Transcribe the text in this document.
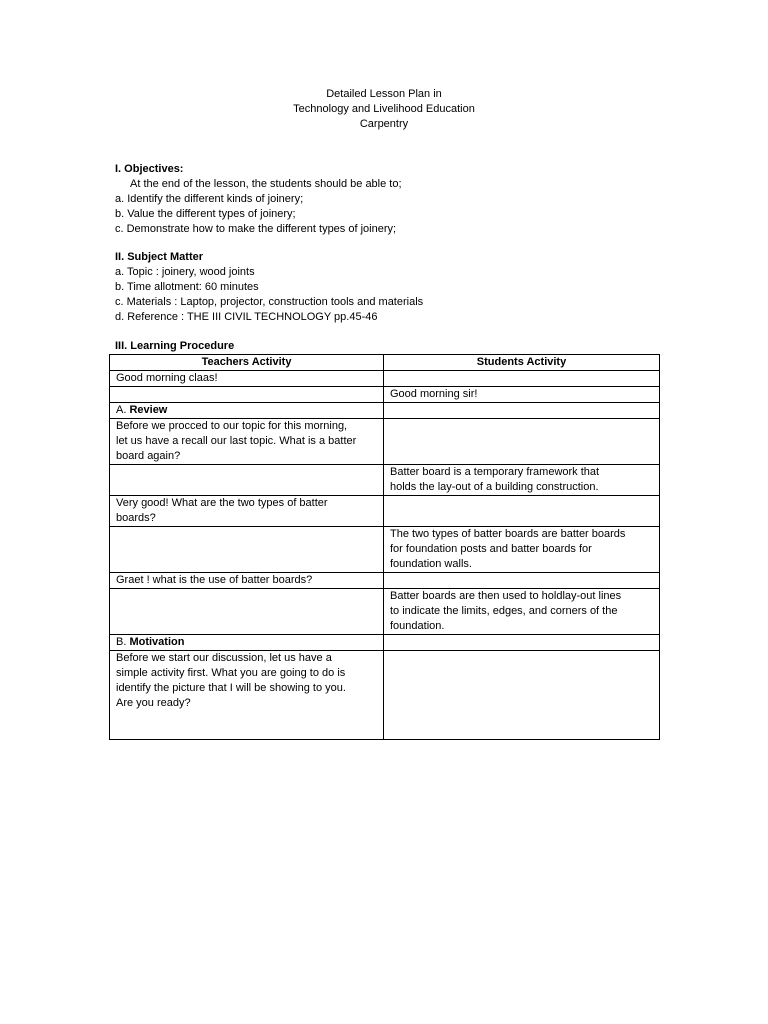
Detailed Lesson Plan in
Technology and Livelihood Education
Carpentry
I. Objectives:
At the end of the lesson, the students should be able to;
a. Identify the different kinds of joinery;
b. Value the different types of joinery;
c. Demonstrate how to make the different types of joinery;
II. Subject Matter
a. Topic : joinery, wood joints
b. Time allotment: 60 minutes
c. Materials : Laptop, projector, construction tools and materials
d. Reference : THE III CIVIL TECHNOLOGY pp.45-46
III. Learning Procedure
Teachers Activity	Students Activity

Good morning claas!	

	Good morning sir!

A. Review	

Before we procced to our topic for this morning,
let us have a recall our last topic. What is a batter
board again?	

	Batter board is a temporary framework that
holds the lay-out of a building construction.

Very good! What are the two types of batter
boards?	

	The two types of batter boards are batter boards
for foundation posts and batter boards for
foundation walls.

Graet ! what is the use of batter boards?	

	Batter boards are then used to holdlay-out lines
to indicate the limits, edges, and corners of the
foundation.

B. Motivation	

Before we start our discussion, let us have a
simple activity first. What you are going to do is
identify the picture that I will be showing to you.
Are you ready?	
